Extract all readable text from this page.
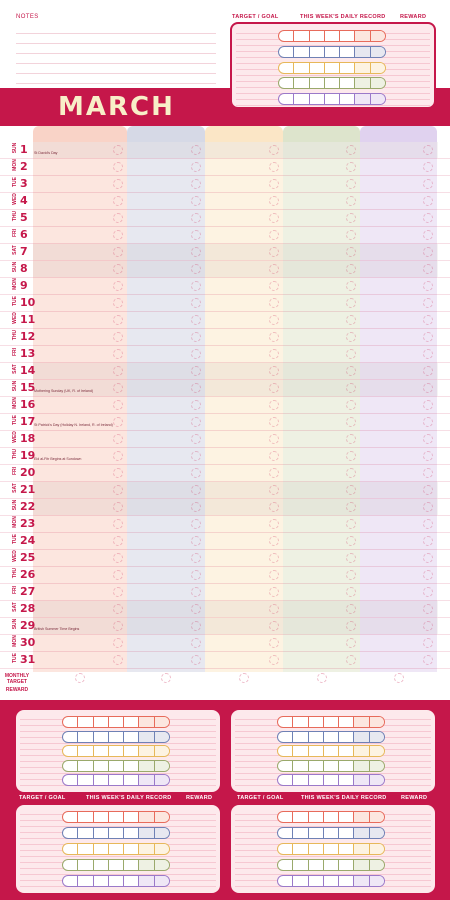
NOTES	TARGET / GOAL	THIS WEEK'S DAILY RECORD	REWARD
MARCH
SUN 1 St David's Day
MON 2
TUE 3
WED 4
THU 5
FRI 6
SAT 7
SUN 8
MON 9
TUE 10
WED 11
THU 12
FRI 13
SAT 14
SUN 15
Mothering Sunday (UK, R. of Ireland)
MON 16
TUE 17
St Patrick's Day (Holiday N. Ireland, R. of Ireland)
WED 18
THU 19
Eid al-Fitr Begins at Sundown
FRI 20
SAT 21
SUN 22
MON 23
TUE 24
WED 25
THU 26
FRI 27
SAT 28
SUN 29
British Summer Time Begins
MON 30
TUE 31
MONTHLY TARGET
REWARD
TARGET / GOAL	THIS WEEK'S DAILY RECORD	REWARD	TARGET / GOAL	THIS WEEK'S DAILY RECORD	REWARD
